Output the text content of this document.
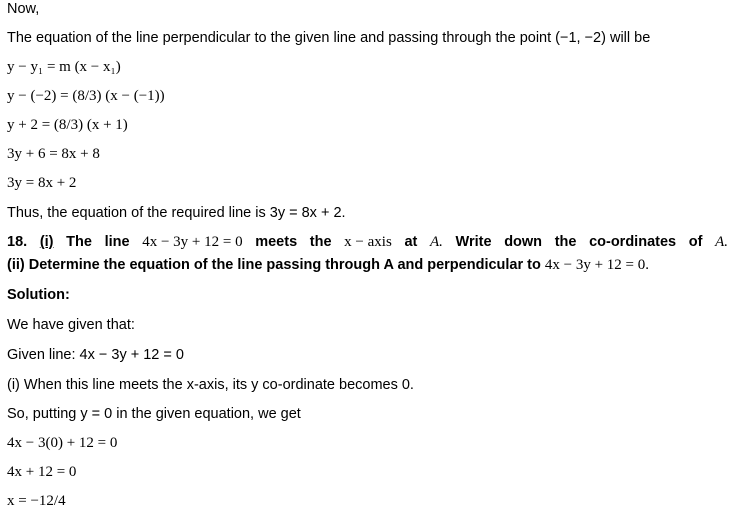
Now,
The equation of the line perpendicular to the given line and passing through the point (−1, −2) will be
y − y₁ = m (x − x₁)
y − (−2) = (8/3) (x − (−1))
y + 2 = (8/3) (x + 1)
3y + 6 = 8x + 8
3y = 8x + 2
Thus, the equation of the required line is 3y = 8x + 2.
18. (i) The line 4x − 3y + 12 = 0 meets the x − axis at A. Write down the co-ordinates of A.
(ii) Determine the equation of the line passing through A and perpendicular to 4x − 3y + 12 = 0.
Solution:
We have given that:
Given line: 4x − 3y + 12 = 0
(i) When this line meets the x-axis, its y co-ordinate becomes 0.
So, putting y = 0 in the given equation, we get
4x − 3(0) + 12 = 0
4x + 12 = 0
x = −12/4
